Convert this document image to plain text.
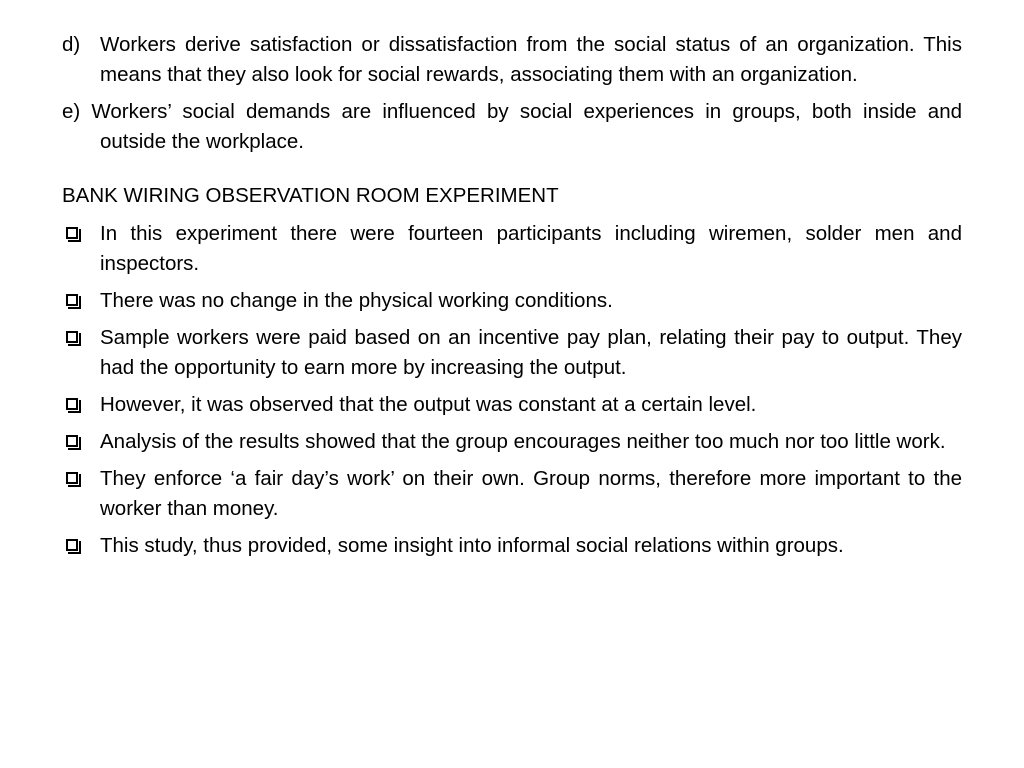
d) Workers derive satisfaction or dissatisfaction from the social status of an organization. This means that they also look for social rewards, associating them with an organization.
e) Workers’ social demands are influenced by social experiences in groups, both inside and outside the workplace.
BANK WIRING OBSERVATION ROOM EXPERIMENT
In this experiment there were fourteen participants including wiremen, solder men and inspectors.
There was no change in the physical working conditions.
Sample workers were paid based on an incentive pay plan, relating their pay to output. They had the opportunity to earn more by increasing the output.
However, it was observed that the output was constant at a certain level.
Analysis of the results showed that the group encourages neither too much nor too little work.
They enforce ‘a fair day’s work’ on their own. Group norms, therefore more important to the worker than money.
This study, thus provided, some insight into informal social relations within groups.
